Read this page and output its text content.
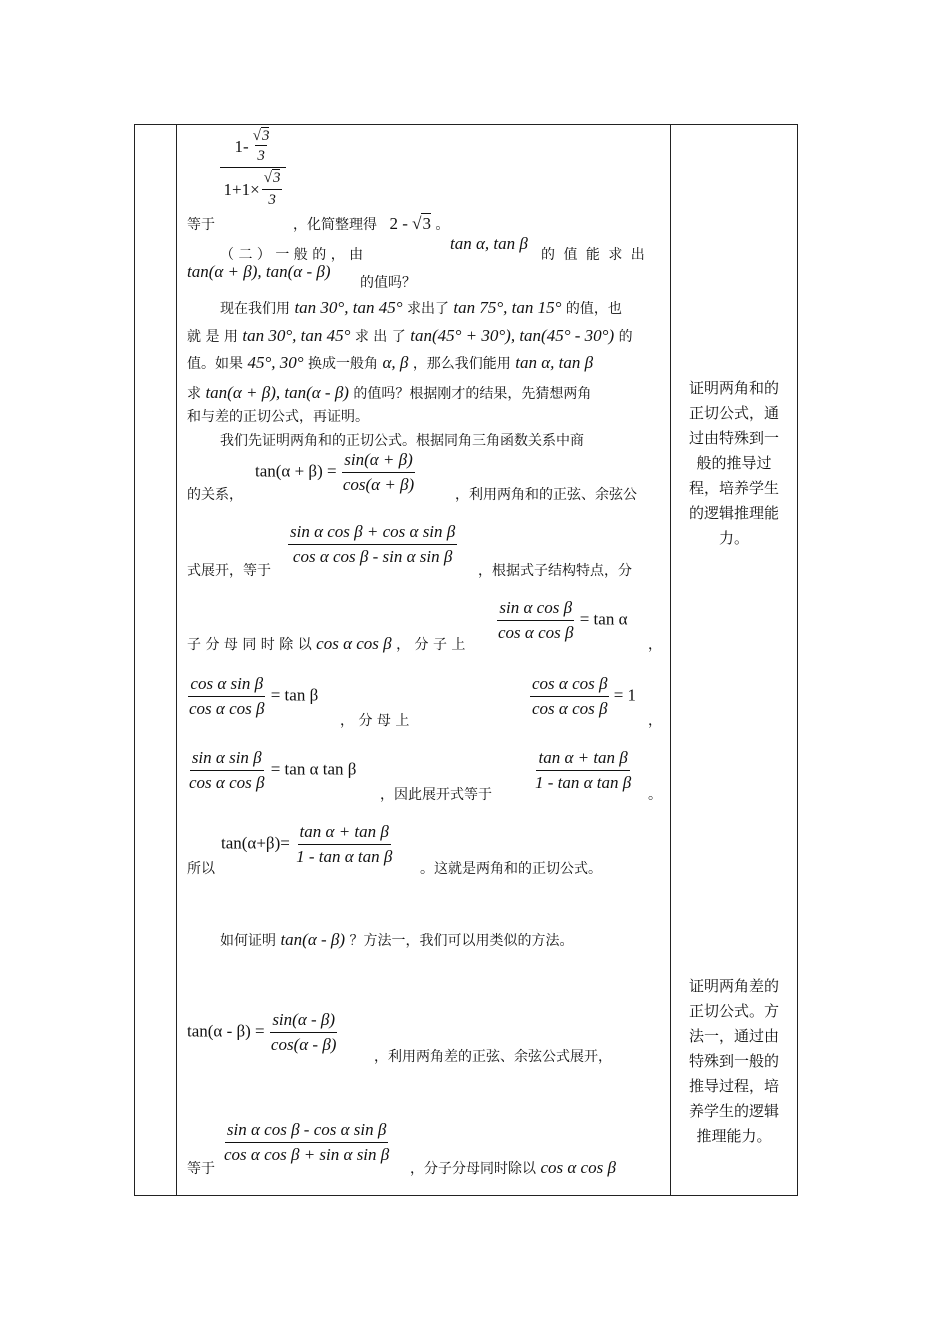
$\frac{1- \frac{√3}{3}}{1+1\times \frac{√3}{3}}$
等于	，化简整理得 2 - √3 。
（ 二 ） 一 般 的 ， 由
tan α, tan β
的 值 能 求 出
tan(α + β), tan(α - β)
的值吗？
现在我们用 tan 30°, tan 45° 求出了 tan 75°, tan 15° 的值，也
就 是 用 tan 30°, tan 45° 求 出 了 tan(45° + 30°), tan(45° - 30°) 的
值。如果 45°, 30° 换成一般角 α, β ，那么我们能用 tan α, tan β
求 tan(α + β), tan(α - β) 的值吗？根据刚才的结果，先猜想两角
和与差的正切公式，再证明。
我们先证明两角和的正切公式。根据同角三角函数关系中商
$\tan(\alpha + \beta) = \frac{\sin(\alpha + \beta)}{\cos(\alpha + \beta)}$
的关系，	，利用两角和的正弦、余弦公
$\frac{\text{sin α cos β + cos α sin β}}{\text{cos α cos β - sin α sin β}}$
式展开，等于	，根据式子结构特点，分
子 分 母 同 时 除 以 cos α cos β ， 分 子 上
$\frac{\text{sin α cos β}}{\text{cos α cos β}} = \tan \alpha$
，
$\frac{\text{cos α sin β}}{\text{cos α cos β}} = \tan \beta$
， 分 母 上
$\frac{\text{cos α cos β}}{\text{cos α cos β}} = 1$
，
$\frac{\text{sin α sin β}}{\text{cos α cos β}} = \tan \alpha$ tan β
，因此展开式等于
$\frac{\text{tan α + tan β}}{\text{1 - tan α tan β}}$
。
$\tan(\alpha+\beta)= \frac{\text{tan α + tan β}}{\text{1 - tan α tan β}}$
所以	。这就是两角和的正切公式。
如何证明 tan(α - β) ？方法一，我们可以用类似的方法。
$\tan(\alpha - \beta) = \frac{\sin(\alpha - \beta)}{\cos(\alpha - \beta)}$
，利用两角差的正弦、余弦公式展开，
等于
$\frac{\text{sin α cos β - cos α sin β}}{\text{cos α cos β + sin α sin β}}$
，分子分母同时除以 cos α cos β
证明两角和的
正切公式，通
过由特殊到一
般的推导过
程，培养学生
的逻辑推理能
力。
证明两角差的
正切公式。方
法一，通过由
特殊到一般的
推导过程，培
养学生的逻辑
推理能力。
